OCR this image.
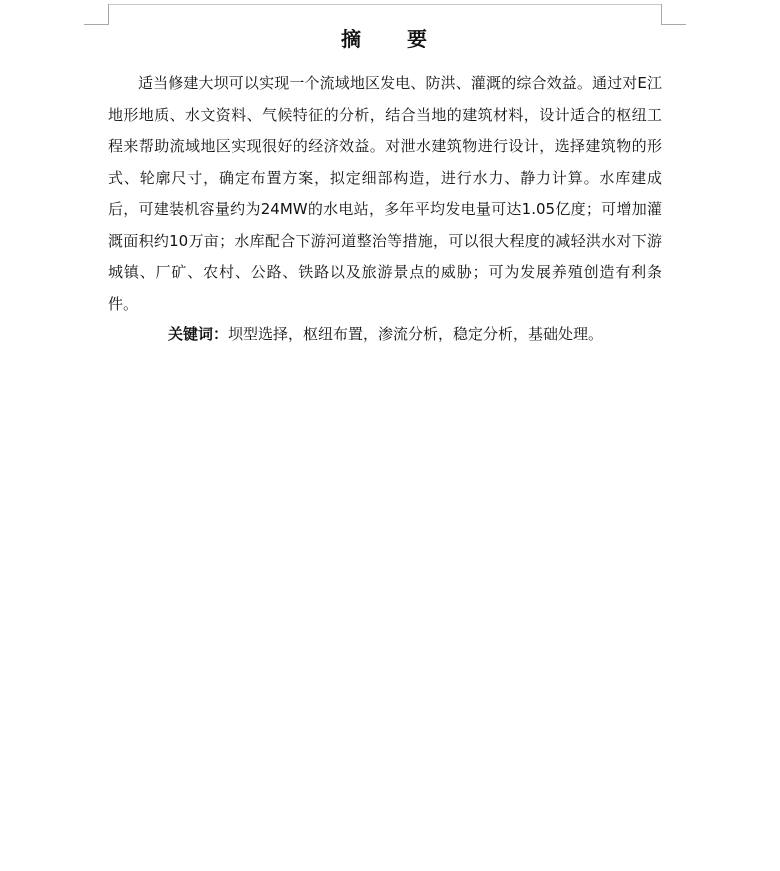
摘 要

适当修建大坝可以实现一个流域地区发电、防洪、灌溉的综合效益。通过对E江地形地质、水文资料、气候特征的分析，结合当地的建筑材料，设计适合的枢纽工程来帮助流域地区实现很好的经济效益。对泄水建筑物进行设计，选择建筑物的形式、轮廓尺寸，确定布置方案，拟定细部构造，进行水力、静力计算。水库建成后，可建装机容量约为24MW的水电站，多年平均发电量可达1.05亿度；可增加灌溉面积约10万亩；水库配合下游河道整治等措施，可以很大程度的减轻洪水对下游城镇、厂矿、农村、公路、铁路以及旅游景点的威胁；可为发展养殖创造有利条件。

关键词：坝型选择，枢纽布置，渗流分析，稳定分析，基础处理。
